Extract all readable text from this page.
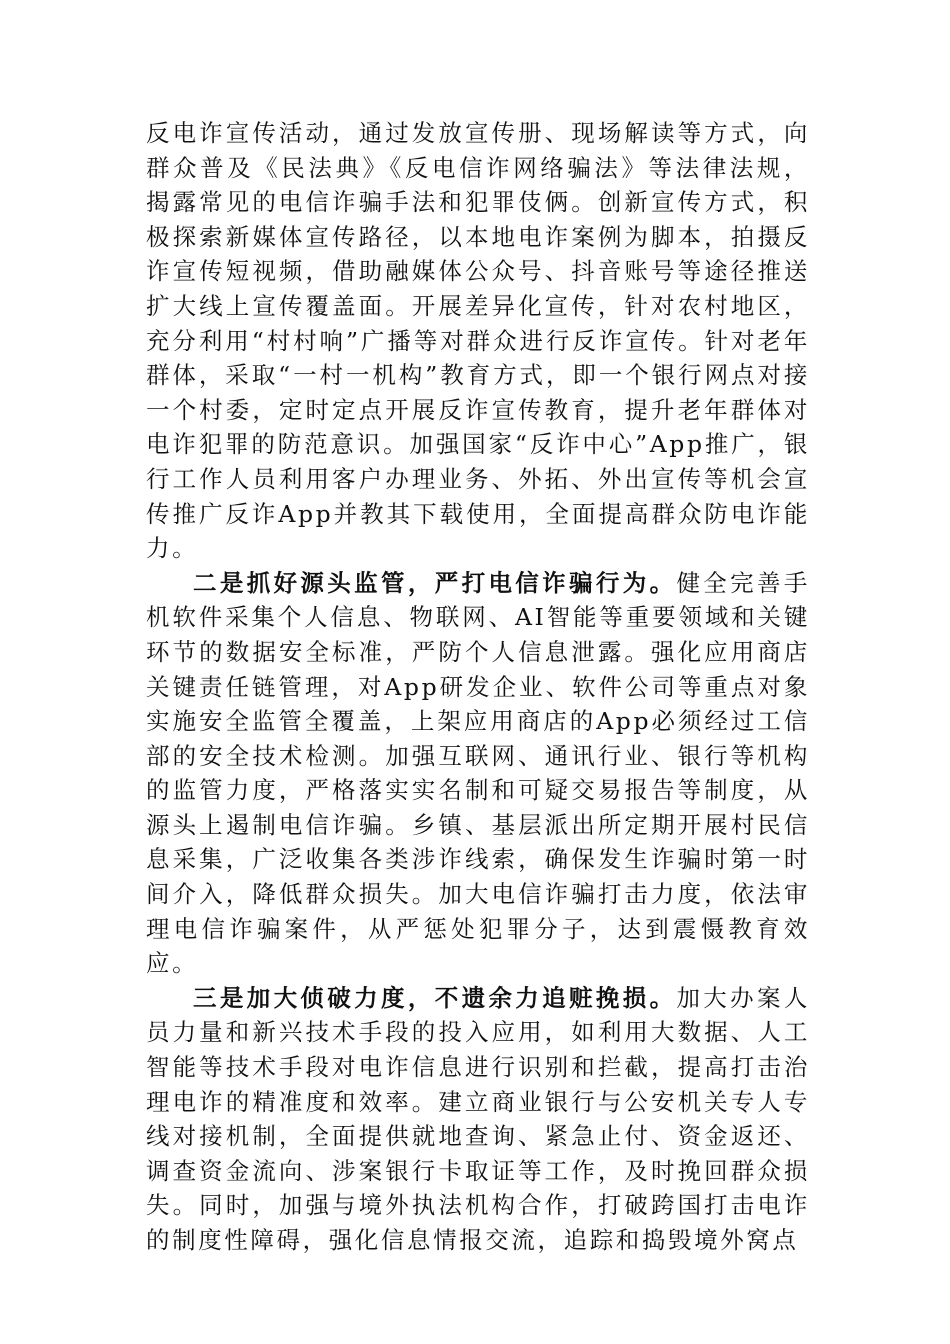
反电诈宣传活动，通过发放宣传册、现场解读等方式，向群众普及《民法典》《反电信诈网络骗法》等法律法规，揭露常见的电信诈骗手法和犯罪伎俩。创新宣传方式，积极探索新媒体宣传路径，以本地电诈案例为脚本，拍摄反诈宣传短视频，借助融媒体公众号、抖音账号等途径推送扩大线上宣传覆盖面。开展差异化宣传，针对农村地区，充分利用“村村响”广播等对群众进行反诈宣传。针对老年群体，采取“一村一机构”教育方式，即一个银行网点对接一个村委，定时定点开展反诈宣传教育，提升老年群体对电诈犯罪的防范意识。加强国家“反诈中心”App推广，银行工作人员利用客户办理业务、外拓、外出宣传等机会宣传推广反诈App并教其下载使用，全面提高群众防电诈能力。

二是抓好源头监管，严打电信诈骗行为。健全完善手机软件采集个人信息、物联网、AI智能等重要领域和关键环节的数据安全标准，严防个人信息泄露。强化应用商店关键责任链管理，对App研发企业、软件公司等重点对象实施安全监管全覆盖，上架应用商店的App必须经过工信部的安全技术检测。加强互联网、通讯行业、银行等机构的监管力度，严格落实实名制和可疑交易报告等制度，从源头上遏制电信诈骗。乡镇、基层派出所定期开展村民信息采集，广泛收集各类涉诈线索，确保发生诈骗时第一时间介入，降低群众损失。加大电信诈骗打击力度，依法审理电信诈骗案件，从严惩处犯罪分子，达到震慑教育效应。

三是加大侦破力度，不遗余力追赃挽损。加大办案人员力量和新兴技术手段的投入应用，如利用大数据、人工智能等技术手段对电诈信息进行识别和拦截，提高打击治理电诈的精准度和效率。建立商业银行与公安机关专人专线对接机制，全面提供就地查询、紧急止付、资金返还、调查资金流向、涉案银行卡取证等工作，及时挽回群众损失。同时，加强与境外执法机构合作，打破跨国打击电诈的制度性障碍，强化信息情报交流，追踪和捣毁境外窝点
